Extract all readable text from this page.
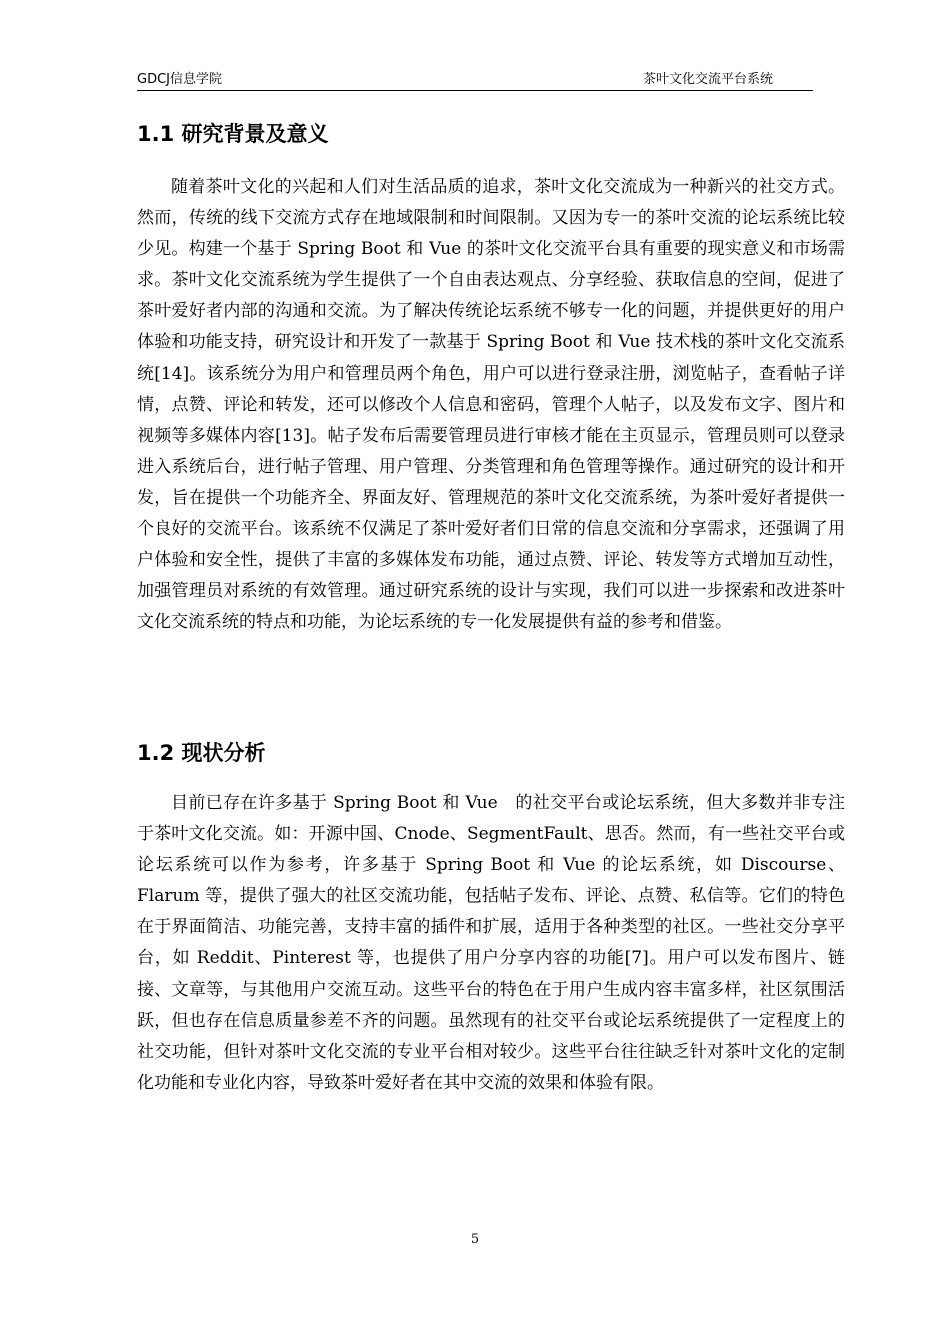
GDCJ信息学院	茶叶文化交流平台系统
1.1 研究背景及意义

随着茶叶文化的兴起和人们对生活品质的追求，茶叶文化交流成为一种新兴的社交方式。然而，传统的线下交流方式存在地域限制和时间限制。又因为专一的茶叶交流的论坛系统比较少见。构建一个基于 Spring Boot 和 Vue 的茶叶文化交流平台具有重要的现实意义和市场需求。茶叶文化交流系统为学生提供了一个自由表达观点、分享经验、获取信息的空间，促进了茶叶爱好者内部的沟通和交流。为了解决传统论坛系统不够专一化的问题，并提供更好的用户体验和功能支持，研究设计和开发了一款基于 Spring Boot 和 Vue 技术栈的茶叶文化交流系统[14]。该系统分为用户和管理员两个角色，用户可以进行登录注册，浏览帖子，查看帖子详情，点赞、评论和转发，还可以修改个人信息和密码，管理个人帖子，以及发布文字、图片和视频等多媒体内容[13]。帖子发布后需要管理员进行审核才能在主页显示，管理员则可以登录进入系统后台，进行帖子管理、用户管理、分类管理和角色管理等操作。通过研究的设计和开发，旨在提供一个功能齐全、界面友好、管理规范的茶叶文化交流系统，为茶叶爱好者提供一个良好的交流平台。该系统不仅满足了茶叶爱好者们日常的信息交流和分享需求，还强调了用户体验和安全性，提供了丰富的多媒体发布功能，通过点赞、评论、转发等方式增加互动性，加强管理员对系统的有效管理。通过研究系统的设计与实现，我们可以进一步探索和改进茶叶文化交流系统的特点和功能，为论坛系统的专一化发展提供有益的参考和借鉴。

1.2 现状分析

目前已存在许多基于 Spring Boot 和 Vue　的社交平台或论坛系统，但大多数并非专注于茶叶文化交流。如：开源中国、Cnode、SegmentFault、思否。然而，有一些社交平台或论坛系统可以作为参考，许多基于 Spring Boot 和 Vue 的论坛系统，如 Discourse、Flarum 等，提供了强大的社区交流功能，包括帖子发布、评论、点赞、私信等。它们的特色在于界面简洁、功能完善，支持丰富的插件和扩展，适用于各种类型的社区。一些社交分享平台，如 Reddit、Pinterest 等，也提供了用户分享内容的功能[7]。用户可以发布图片、链接、文章等，与其他用户交流互动。这些平台的特色在于用户生成内容丰富多样，社区氛围活跃，但也存在信息质量参差不齐的问题。虽然现有的社交平台或论坛系统提供了一定程度上的社交功能，但针对茶叶文化交流的专业平台相对较少。这些平台往往缺乏针对茶叶文化的定制化功能和专业化内容，导致茶叶爱好者在其中交流的效果和体验有限。

5
